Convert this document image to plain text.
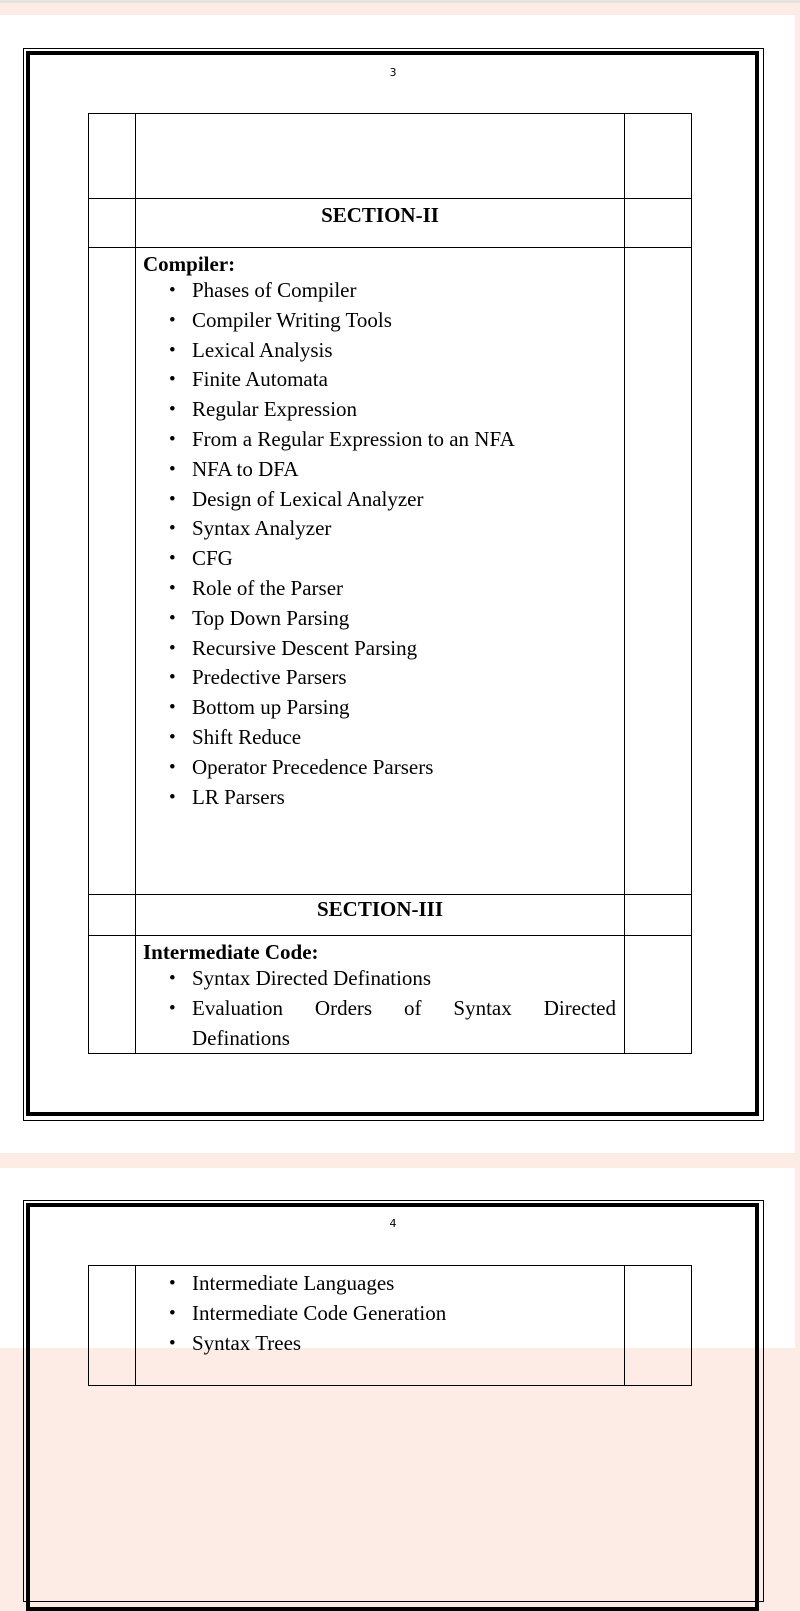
3

	SECTION-II	

Compiler:
• Phases of Compiler
• Compiler Writing Tools
• Lexical Analysis
• Finite Automata
• Regular Expression
• From a Regular Expression to an NFA
• NFA to DFA
• Design of Lexical Analyzer
• Syntax Analyzer
• CFG
• Role of the Parser
• Top Down Parsing
• Recursive Descent Parsing
• Predective Parsers
• Bottom up Parsing
• Shift Reduce
• Operator Precedence Parsers
• LR Parsers

	SECTION-III	

Intermediate Code:
• Syntax Directed Definations
• Evaluation Orders of Syntax Directed
Definations

4

• Intermediate Languages
• Intermediate Code Generation
• Syntax Trees
